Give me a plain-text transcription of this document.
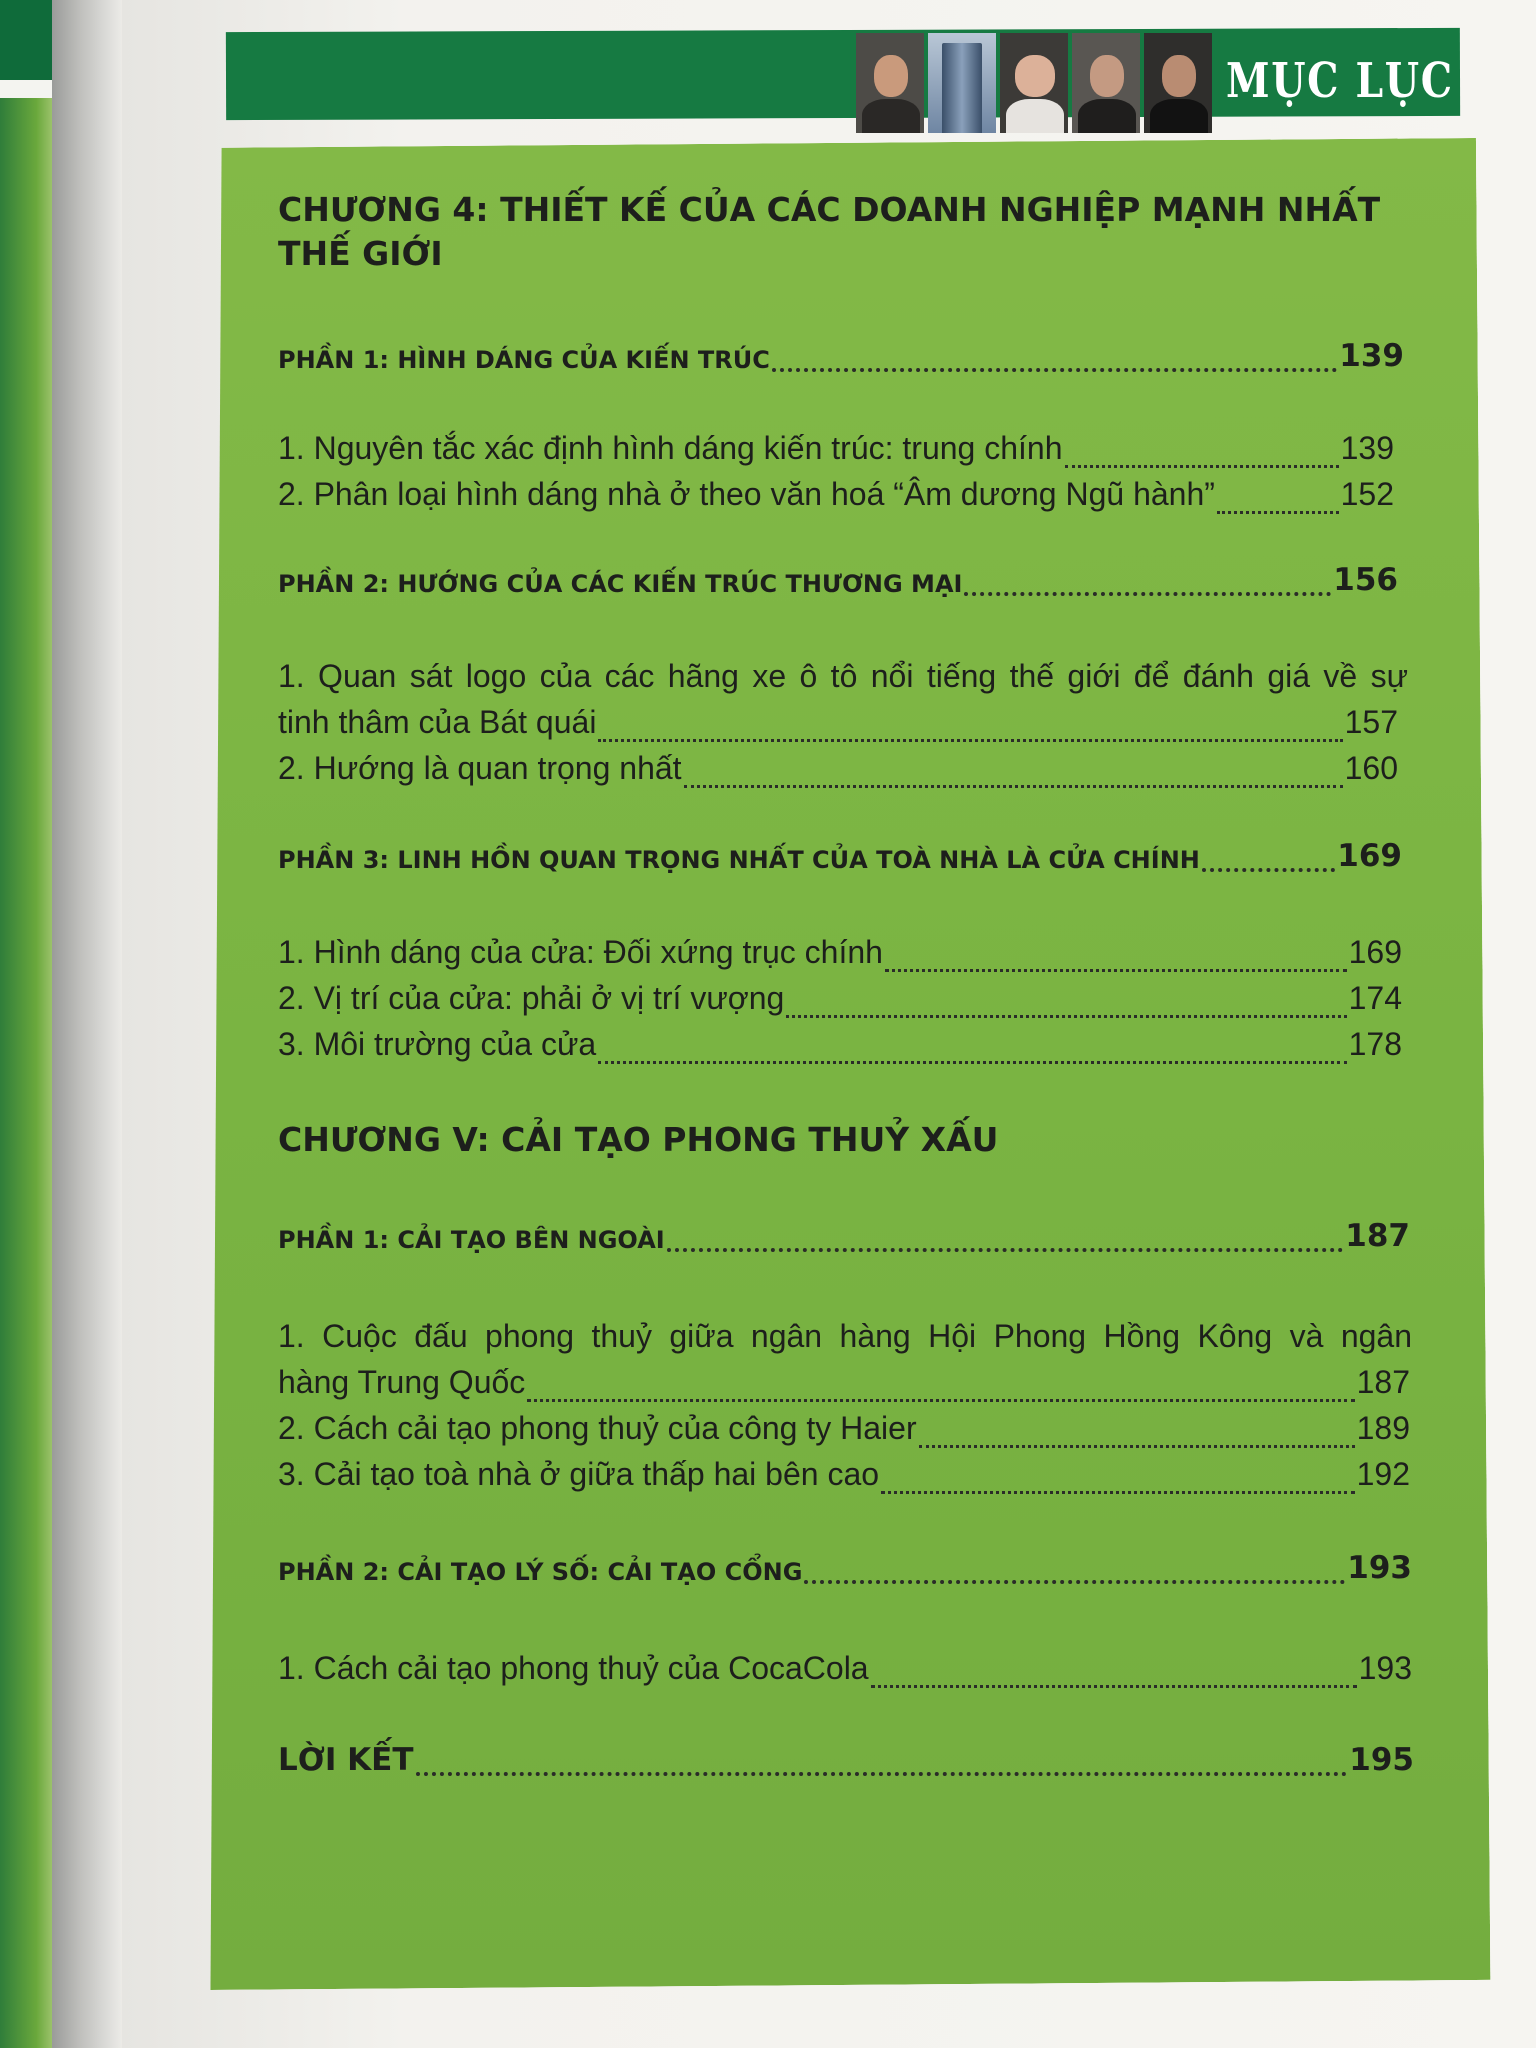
MỤC LỤC
CHƯƠNG 4: THIẾT KẾ CỦA CÁC DOANH NGHIỆP MẠNH NHẤT THẾ GIỚI
PHẦN 1: HÌNH DÁNG CỦA KIẾN TRÚC	139
1. Nguyên tắc xác định hình dáng kiến trúc: trung chính	139
2. Phân loại hình dáng nhà ở theo văn hoá “Âm dương Ngũ hành”	152
PHẦN 2: HƯỚNG CỦA CÁC KIẾN TRÚC THƯƠNG MẠI	156
1. Quan sát logo của các hãng xe ô tô nổi tiếng thế giới để đánh giá về sự
tinh thâm của Bát quái	157
2. Hướng là quan trọng nhất	160
PHẦN 3: LINH HỒN QUAN TRỌNG NHẤT CỦA TOÀ NHÀ LÀ CỬA CHÍNH	169
1. Hình dáng của cửa: Đối xứng trục chính	169
2. Vị trí của cửa: phải ở vị trí vượng	174
3. Môi trường của cửa	178
CHƯƠNG V: CẢI TẠO PHONG THUỶ XẤU
PHẦN 1: CẢI TẠO BÊN NGOÀI	187
1. Cuộc đấu phong thuỷ giữa ngân hàng Hội Phong Hồng Kông và ngân
hàng Trung Quốc	187
2. Cách cải tạo phong thuỷ của công ty Haier	189
3. Cải tạo toà nhà ở giữa thấp hai bên cao	192
PHẦN 2: CẢI TẠO LÝ SỐ: CẢI TẠO CỔNG	193
1. Cách cải tạo phong thuỷ của CocaCola	193
LỜI KẾT	195
